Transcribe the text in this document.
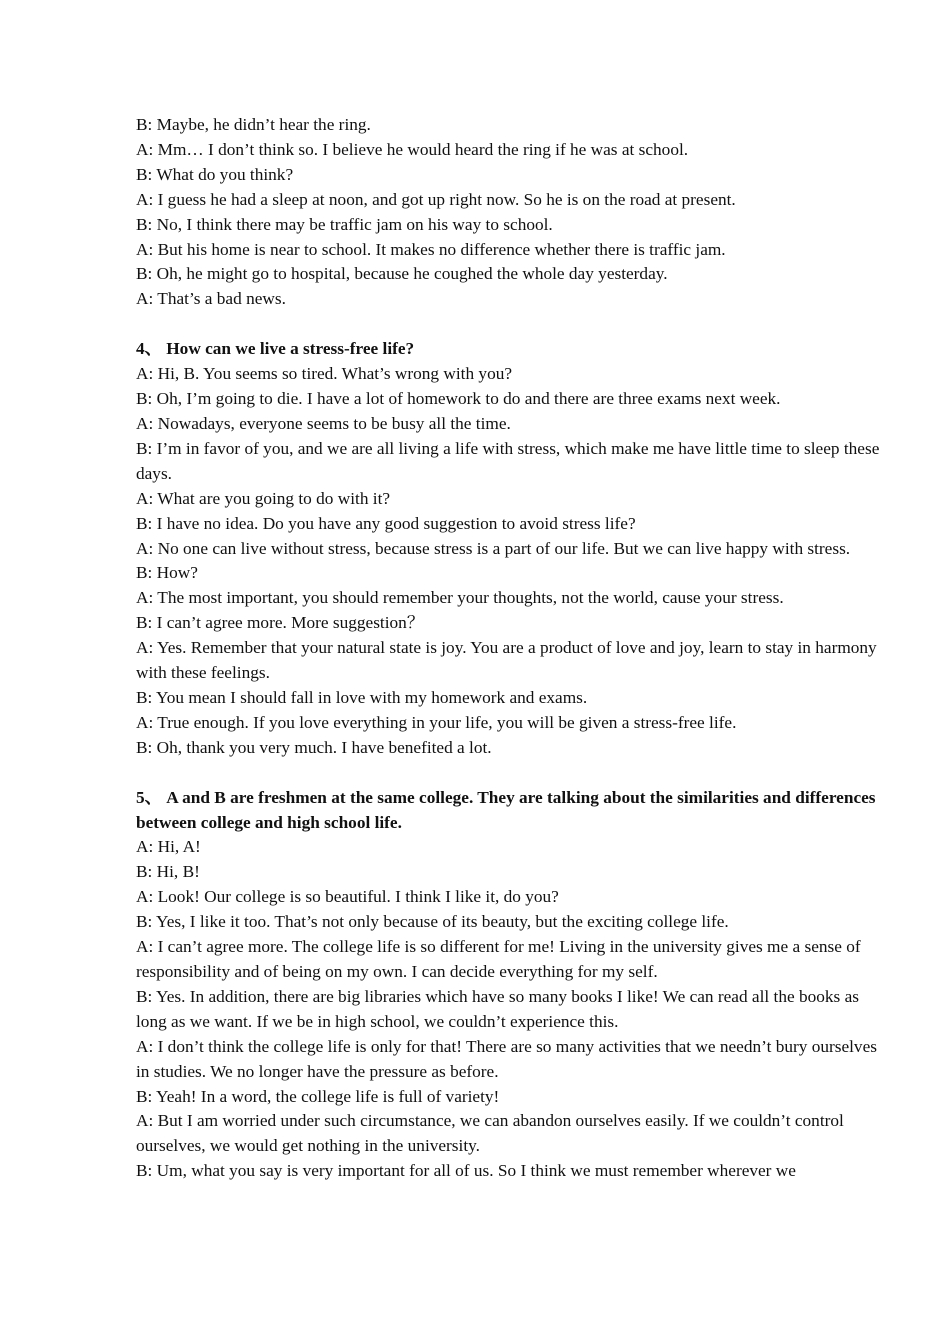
B: Maybe, he didn’t hear the ring.
A: Mm… I don’t think so. I believe he would heard the ring if he was at school.
B: What do you think?
A: I guess he had a sleep at noon, and got up right now. So he is on the road at present.
B: No, I think there may be traffic jam on his way to school.
A: But his home is near to school. It makes no difference whether there is traffic jam.
B: Oh, he might go to hospital, because he coughed the whole day yesterday.
A: That’s a bad news.
4、 How can we live a stress-free life?
A: Hi, B. You seems so tired. What’s wrong with you?
B: Oh, I’m going to die. I have a lot of homework to do and there are three exams next week.
A: Nowadays, everyone seems to be busy all the time.
B: I’m in favor of you, and we are all living a life with stress, which make me have little time to sleep these days.
A: What are you going to do with it?
B: I have no idea. Do you have any good suggestion to avoid stress life?
A: No one can live without stress, because stress is a part of our life. But we can live happy with stress.
B: How?
A: The most important, you should remember your thoughts, not the world, cause your stress.
B: I can’t agree more. More suggestion？
A: Yes. Remember that your natural state is joy. You are a product of love and joy, learn to stay in harmony with these feelings.
B: You mean I should fall in love with my homework and exams.
A: True enough. If you love everything in your life, you will be given a stress-free life.
B: Oh, thank you very much. I have benefited a lot.
5、 A and B are freshmen at the same college. They are talking about the similarities and differences between college and high school life.
A: Hi, A!
B: Hi, B!
A: Look! Our college is so beautiful. I think I like it, do you?
B: Yes, I like it too. That’s not only because of its beauty, but the exciting college life.
A: I can’t agree more. The college life is so different for me! Living in the university gives me a sense of responsibility and of being on my own. I can decide everything for my self.
B: Yes. In addition, there are big libraries which have so many books I like! We can read all the books as long as we want. If we be in high school, we couldn’t experience this.
A: I don’t think the college life is only for that! There are so many activities that we needn’t bury ourselves in studies. We no longer have the pressure as before.
B: Yeah! In a word, the college life is full of variety!
A: But I am worried under such circumstance, we can abandon ourselves easily. If we couldn’t control ourselves, we would get nothing in the university.
B: Um, what you say is very important for all of us. So I think we must remember wherever we
